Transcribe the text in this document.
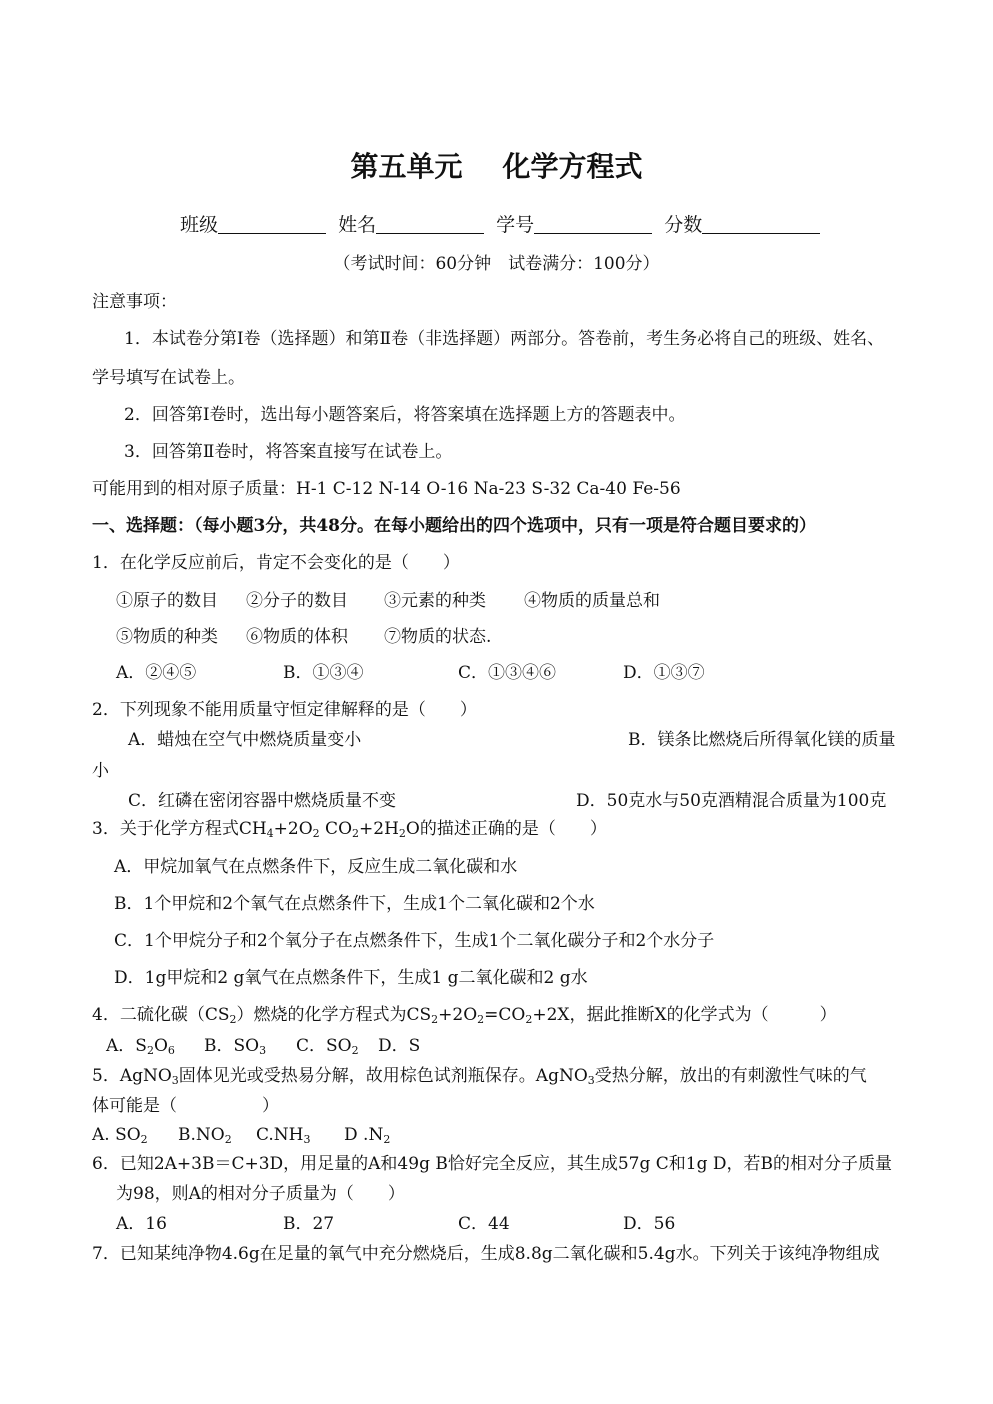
第五单元 化学方程式
班级	姓名	学号	分数
（考试时间：60分钟　试卷满分：100分）
注意事项：
1．本试卷分第Ⅰ卷（选择题）和第Ⅱ卷（非选择题）两部分。答卷前，考生务必将自己的班级、姓名、
学号填写在试卷上。
2．回答第Ⅰ卷时，选出每小题答案后，将答案填在选择题上方的答题表中。
3．回答第Ⅱ卷时，将答案直接写在试卷上。
可能用到的相对原子质量：H-1 C-12 N-14 O-16 Na-23 S-32 Ca-40 Fe-56
一、选择题：（每小题3分，共48分。在每小题给出的四个选项中，只有一项是符合题目要求的）
1．在化学反应前后，肯定不会变化的是（　　）
①原子的数目 ②分子的数目 ③元素的种类 ④物质的质量总和
⑤物质的种类 ⑥物质的体积 ⑦物质的状态.
A．②④⑤	B．①③④	C．①③④⑥	D．①③⑦
2．下列现象不能用质量守恒定律解释的是（　　）
A．蜡烛在空气中燃烧质量变小	B．镁条比燃烧后所得氧化镁的质量
小
C．红磷在密闭容器中燃烧质量不变	D．50克水与50克酒精混合质量为100克
3．关于化学方程式$CH_4+2O_2$ $CO_2+2H_2O$的描述正确的是（　　）
A．甲烷加氧气在点燃条件下，反应生成二氧化碳和水
B．1个甲烷和2个氧气在点燃条件下，生成1个二氧化碳和2个水
C．1个甲烷分子和2个氧分子在点燃条件下，生成1个二氧化碳分子和2个水分子
D．1g甲烷和2 g氧气在点燃条件下，生成1 g二氧化碳和2 g水
4．二硫化碳$(CS_2)$燃烧的化学方程式为$CS_2+2O_2=CO_2+2X$，据此推断X的化学式为（　　　）
A．$S_2O_6$ B．$SO_3$ C．$SO_2$ D．S
5．AgNO$_3$固体见光或受热易分解，故用棕色试剂瓶保存。AgNO$_3$受热分解，放出的有刺激性气味的气
体可能是（　　　　　）
A. $SO_2$ $B.NO_2$ $C.NH_3$ D $.N_2$
6．已知2A+3B＝C+3D，用足量的A和49g B恰好完全反应，其生成57g C和1g D，若B的相对分子质量
为98，则A的相对分子质量为（　　）
A．16	B．27	C．44	D．56
7．已知某纯净物4.6g在足量的氧气中充分燃烧后，生成8.8g二氧化碳和5.4g水。下列关于该纯净物组成
